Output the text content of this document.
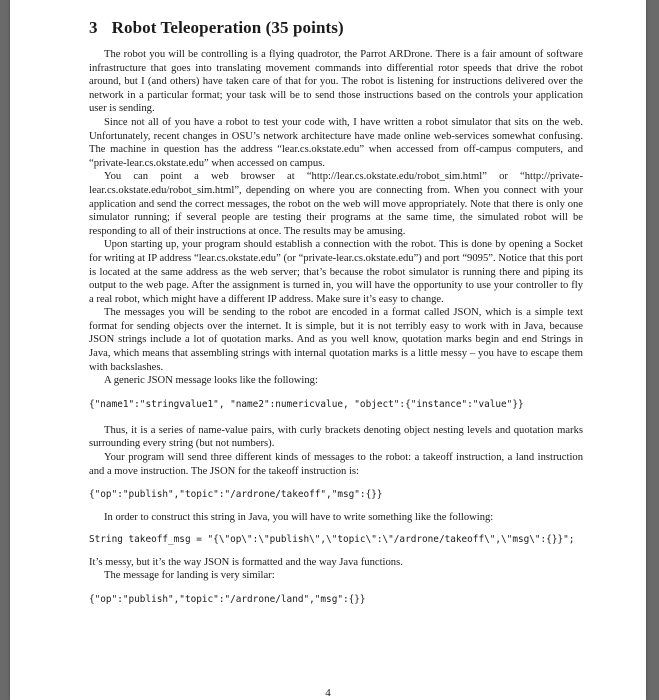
3 Robot Teleoperation (35 points)

The robot you will be controlling is a flying quadrotor, the Parrot ARDrone. There is a fair amount of software infrastructure that goes into translating movement commands into differential rotor speeds that drive the robot around, but I (and others) have taken care of that for you. The robot is listening for instructions delivered over the network in a particular format; your task will be to send those instructions based on the controls your application user is sending.

Since not all of you have a robot to test your code with, I have written a robot simulator that sits on the web. Unfortunately, recent changes in OSU’s network architecture have made online web-services somewhat confusing. The machine in question has the address “lear.cs.okstate.edu” when accessed from off-campus computers, and “private-lear.cs.okstate.edu” when accessed on campus.

You can point a web browser at “http://lear.cs.okstate.edu/robot_sim.html” or “http://private-lear.cs.okstate.edu/robot_sim.html”, depending on where you are connecting from. When you connect with your application and send the correct messages, the robot on the web will move appropriately. Note that there is only one simulator running; if several people are testing their programs at the same time, the simulated robot will be responding to all of their instructions at once. The results may be amusing.

Upon starting up, your program should establish a connection with the robot. This is done by opening a Socket for writing at IP address “lear.cs.okstate.edu” (or “private-lear.cs.okstate.edu”) and port “9095”. Notice that this port is located at the same address as the web server; that’s because the robot simulator is running there and piping its output to the web page. After the assignment is turned in, you will have the opportunity to use your controller to fly a real robot, which might have a different IP address. Make sure it’s easy to change.

The messages you will be sending to the robot are encoded in a format called JSON, which is a simple text format for sending objects over the internet. It is simple, but it is not terribly easy to work with in Java, because JSON strings include a lot of quotation marks. And as you well know, quotation marks begin and end Strings in Java, which means that assembling strings with internal quotation marks is a little messy – you have to escape them with backslashes.

A generic JSON message looks like the following:

{"name1":"stringvalue1", "name2":numericvalue, "object":{"instance":"value"}}

Thus, it is a series of name-value pairs, with curly brackets denoting object nesting levels and quotation marks surrounding every string (but not numbers).

Your program will send three different kinds of messages to the robot: a takeoff instruction, a land instruction and a move instruction. The JSON for the takeoff instruction is:

{"op":"publish","topic":"/ardrone/takeoff","msg":{}}

In order to construct this string in Java, you will have to write something like the following:

String takeoff_msg = "{\"op\":\"publish\",\"topic\":\"/ardrone/takeoff\",\"msg\":{}}";

It’s messy, but it’s the way JSON is formatted and the way Java functions.

The message for landing is very similar:

{"op":"publish","topic":"/ardrone/land","msg":{}}
4
